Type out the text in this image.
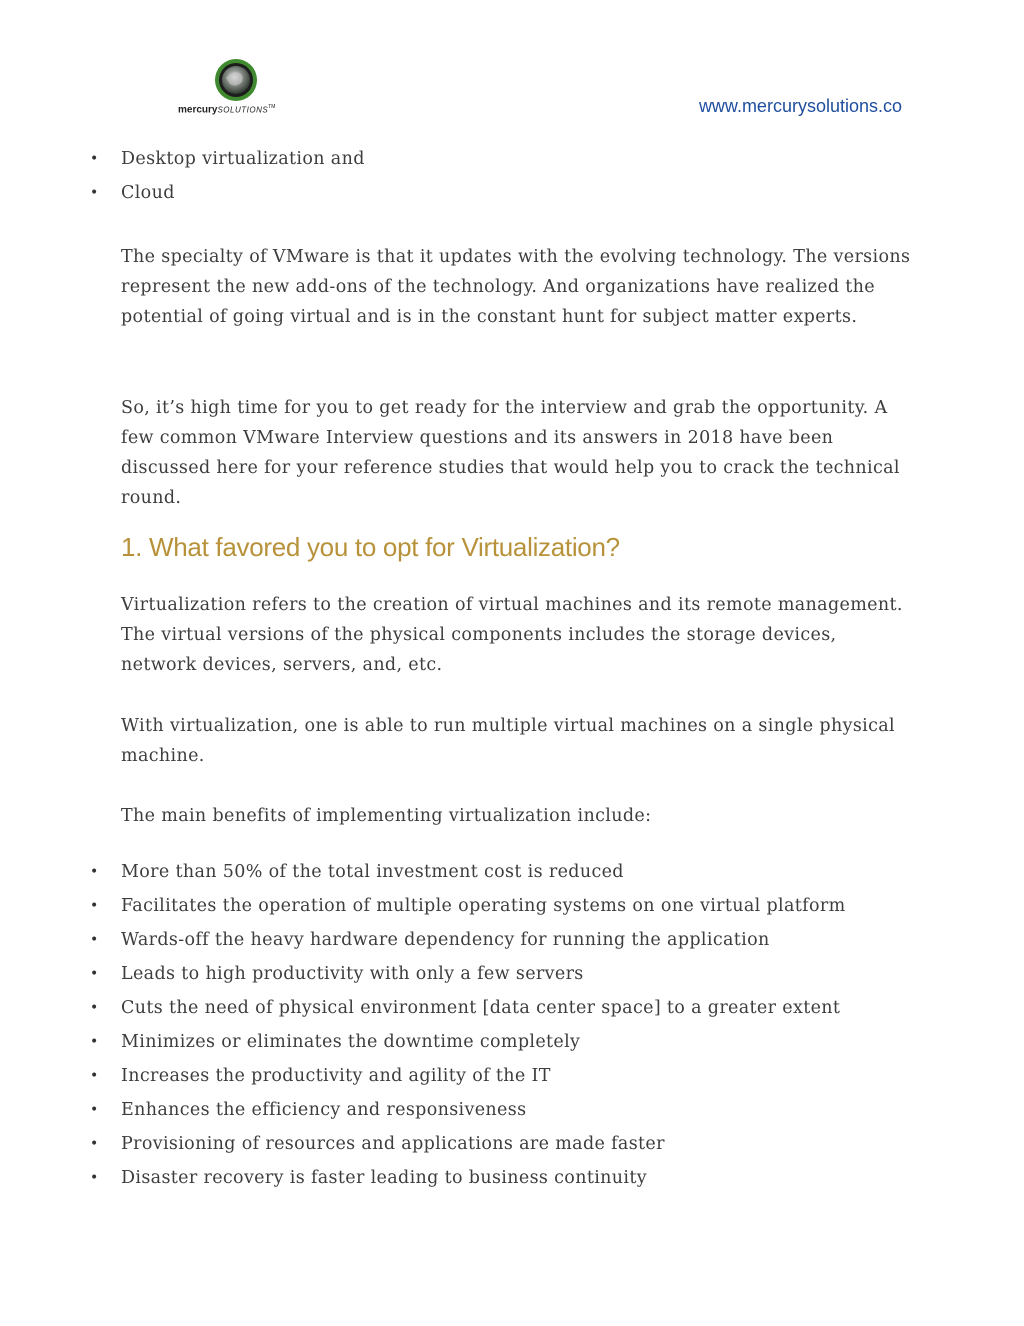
mercurySOLUTIONS™	www.mercurysolutions.co
• Desktop virtualization and
• Cloud

The specialty of VMware is that it updates with the evolving technology. The versions represent the new add-ons of the technology. And organizations have realized the potential of going virtual and is in the constant hunt for subject matter experts.

So, it’s high time for you to get ready for the interview and grab the opportunity. A few common VMware Interview questions and its answers in 2018 have been discussed here for your reference studies that would help you to crack the technical round.

1. What favored you to opt for Virtualization?

Virtualization refers to the creation of virtual machines and its remote management. The virtual versions of the physical components includes the storage devices, network devices, servers, and, etc.

With virtualization, one is able to run multiple virtual machines on a single physical machine.

The main benefits of implementing virtualization include:

• More than 50% of the total investment cost is reduced
• Facilitates the operation of multiple operating systems on one virtual platform
• Wards-off the heavy hardware dependency for running the application
• Leads to high productivity with only a few servers
• Cuts the need of physical environment [data center space] to a greater extent
• Minimizes or eliminates the downtime completely
• Increases the productivity and agility of the IT
• Enhances the efficiency and responsiveness
• Provisioning of resources and applications are made faster
• Disaster recovery is faster leading to business continuity
